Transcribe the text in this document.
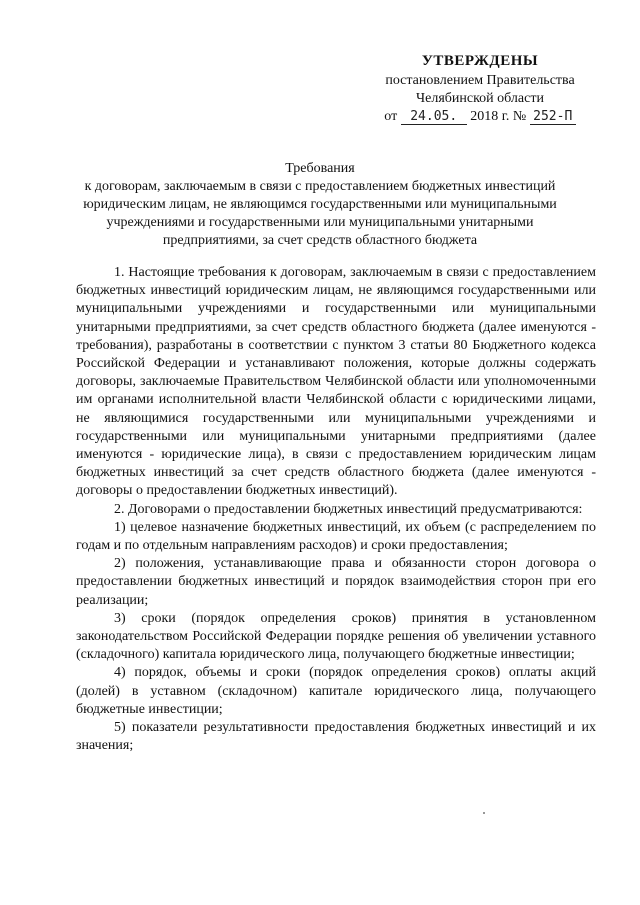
УТВЕРЖДЕНЫ
постановлением Правительства
Челябинской области
от 24.05. 2018 г. № 252-П
Требования
к договорам, заключаемым в связи с предоставлением бюджетных инвестиций
юридическим лицам, не являющимся государственными или муниципальными
учреждениями и государственными или муниципальными унитарными
предприятиями, за счет средств областного бюджета

1. Настоящие требования к договорам, заключаемым в связи с предоставлением бюджетных инвестиций юридическим лицам, не являющимся государственными или муниципальными учреждениями и государственными или муниципальными унитарными предприятиями, за счет средств областного бюджета (далее именуются - требования), разработаны в соответствии с пунктом 3 статьи 80 Бюджетного кодекса Российской Федерации и устанавливают положения, которые должны содержать договоры, заключаемые Правительством Челябинской области или уполномоченными им органами исполнительной власти Челябинской области с юридическими лицами, не являющимися государственными или муниципальными учреждениями и государственными или муниципальными унитарными предприятиями (далее именуются - юридические лица), в связи с предоставлением юридическим лицам бюджетных инвестиций за счет средств областного бюджета (далее именуются - договоры о предоставлении бюджетных инвестиций).

2. Договорами о предоставлении бюджетных инвестиций предусматриваются:

1) целевое назначение бюджетных инвестиций, их объем (с распределением по годам и по отдельным направлениям расходов) и сроки предоставления;

2) положения, устанавливающие права и обязанности сторон договора о предоставлении бюджетных инвестиций и порядок взаимодействия сторон при его реализации;

3) сроки (порядок определения сроков) принятия в установленном законодательством Российской Федерации порядке решения об увеличении уставного (складочного) капитала юридического лица, получающего бюджетные инвестиции;

4) порядок, объемы и сроки (порядок определения сроков) оплаты акций (долей) в уставном (складочном) капитале юридического лица, получающего бюджетные инвестиции;

5) показатели результативности предоставления бюджетных инвестиций и их значения;
